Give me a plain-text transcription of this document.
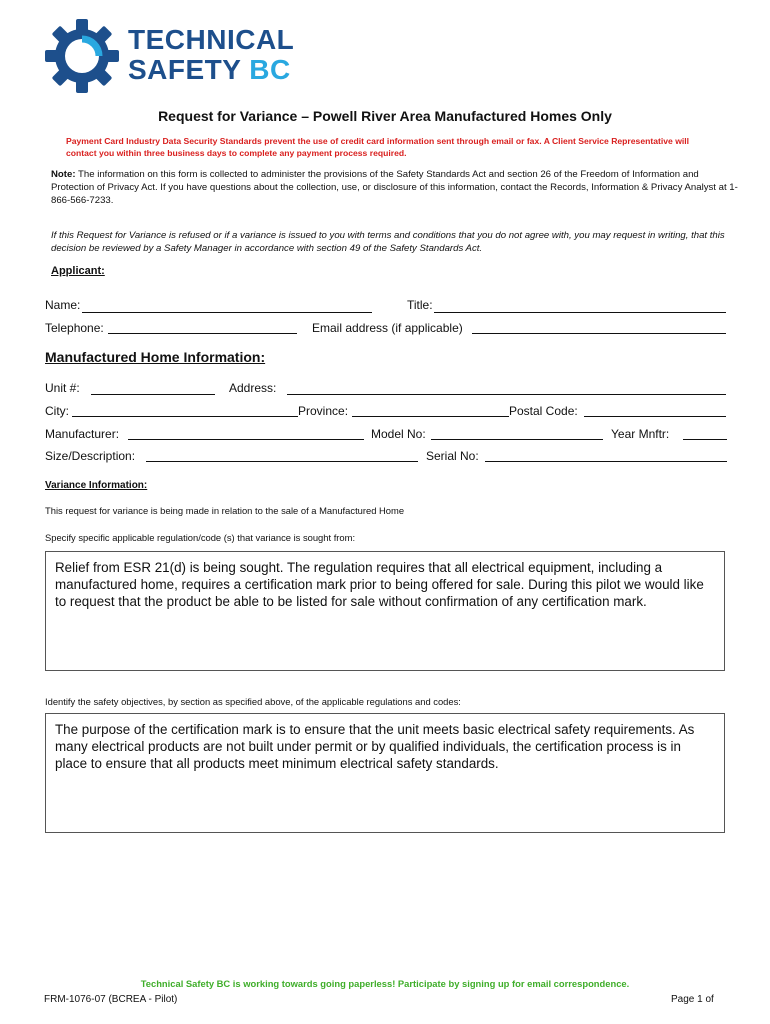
TECHNICAL
SAFETY BC
Request for Variance – Powell River Area Manufactured Homes Only
Payment Card Industry Data Security Standards prevent the use of credit card information sent through email or fax. A Client Service Representative will contact you within three business days to complete any payment process required.
Note: The information on this form is collected to administer the provisions of the Safety Standards Act and section 26 of the Freedom of Information and Protection of Privacy Act. If you have questions about the collection, use, or disclosure of this information, contact the Records, Information & Privacy Analyst at 1-866-566-7233.
If this Request for Variance is refused or if a variance is issued to you with terms and conditions that you do not agree with, you may request in writing, that this decision be reviewed by a Safety Manager in accordance with section 49 of the Safety Standards Act.
Applicant:
Name:	Title:
Telephone:	Email address (if applicable)
Manufactured Home Information:
Unit #:	Address:
City:	Province:	Postal Code:
Manufacturer:	Model No:	Year Mnftr:
Size/Description:	Serial No:
Variance Information:
This request for variance is being made in relation to the sale of a Manufactured Home
Specify specific applicable regulation/code (s) that variance is sought from:
Relief from ESR 21(d) is being sought. The regulation requires that all electrical equipment, including a manufactured home, requires a certification mark prior to being offered for sale. During this pilot we would like to request that the product be able to be listed for sale without confirmation of any certification mark.
Identify the safety objectives, by section as specified above, of the applicable regulations and codes:
The purpose of the certification mark is to ensure that the unit meets basic electrical safety requirements. As many electrical products are not built under permit or by qualified individuals, the certification process is in place to ensure that all products meet minimum electrical safety standards.
Technical Safety BC is working towards going paperless! Participate by signing up for email correspondence.
FRM-1076-07 (BCREA - Pilot)	Page 1 of
